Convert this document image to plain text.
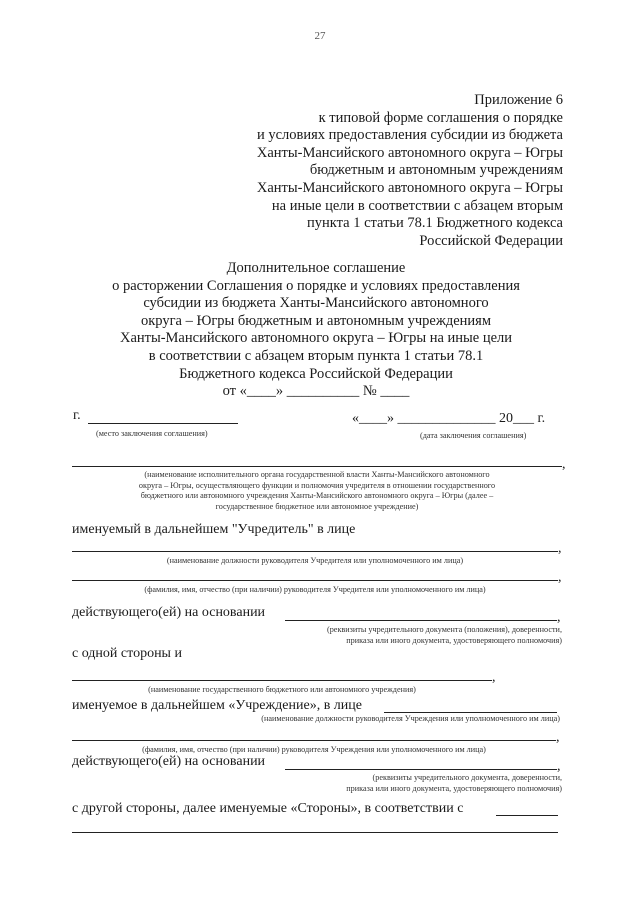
27
Приложение 6
к типовой форме соглашения о порядке
и условиях предоставления субсидии из бюджета
Ханты-Мансийского автономного округа – Югры
бюджетным и автономным учреждениям
Ханты-Мансийского автономного округа – Югры
на иные цели в соответствии с абзацем вторым
пункта 1 статьи 78.1 Бюджетного кодекса
Российской Федерации
Дополнительное соглашение
о расторжении Соглашения о порядке и условиях предоставления
субсидии из бюджета Ханты-Мансийского автономного
округа – Югры бюджетным и автономным учреждениям
Ханты-Мансийского автономного округа – Югры на иные цели
в соответствии с абзацем вторым пункта 1 статьи 78.1
Бюджетного кодекса Российской Федерации
от «____» __________ № ____
г.
(место заключения соглашения)
«____» ______________ 20___ г.
(дата заключения соглашения)
,
(наименование исполнительного органа государственной власти Ханты-Мансийского автономного
округа – Югры, осуществляющего функции и полномочия учредителя в отношении государственного
бюджетного или автономного учреждения Ханты-Мансийского автономного округа – Югры (далее –
государственное бюджетное или автономное учреждение)
именуемый в дальнейшем "Учредитель" в лице
,
(наименование должности руководителя Учредителя или уполномоченного им лица)
,
(фамилия, имя, отчество (при наличии) руководителя Учредителя или уполномоченного им лица)
действующего(ей) на основании	,
(реквизиты учредительного документа (положения), доверенности,
приказа или иного документа, удостоверяющего полномочия)
с одной стороны и
,
(наименование государственного бюджетного или автономного учреждения)
именуемое в дальнейшем «Учреждение», в лице
(наименование должности руководителя Учреждения или уполномоченного им лица)
,
(фамилия, имя, отчество (при наличии) руководителя Учреждения или уполномоченного им лица)
действующего(ей) на основании	,
(реквизиты учредительного документа, доверенности,
приказа или иного документа, удостоверяющего полномочия)
с другой стороны, далее именуемые «Стороны», в соответствии с
